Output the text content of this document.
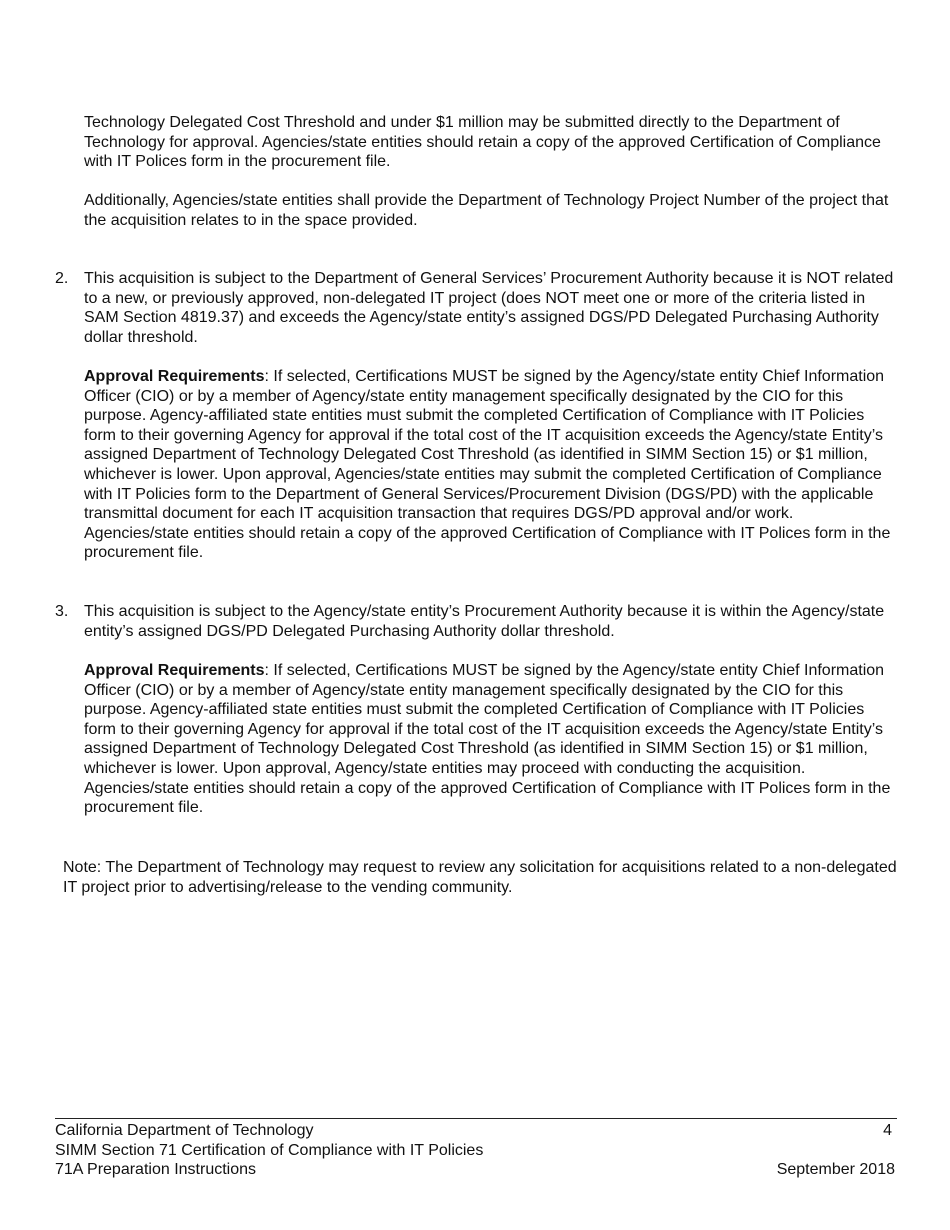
Technology Delegated Cost Threshold and under $1 million may be submitted directly to the Department of Technology for approval. Agencies/state entities should retain a copy of the approved Certification of Compliance with IT Polices form in the procurement file.

Additionally, Agencies/state entities shall provide the Department of Technology Project Number of the project that the acquisition relates to in the space provided.

2. This acquisition is subject to the Department of General Services’ Procurement Authority because it is NOT related to a new, or previously approved, non-delegated IT project (does NOT meet one or more of the criteria listed in SAM Section 4819.37) and exceeds the Agency/state entity’s assigned DGS/PD Delegated Purchasing Authority dollar threshold.

Approval Requirements: If selected, Certifications MUST be signed by the Agency/state entity Chief Information Officer (CIO) or by a member of Agency/state entity management specifically designated by the CIO for this purpose. Agency-affiliated state entities must submit the completed Certification of Compliance with IT Policies form to their governing Agency for approval if the total cost of the IT acquisition exceeds the Agency/state Entity’s assigned Department of Technology Delegated Cost Threshold (as identified in SIMM Section 15) or $1 million, whichever is lower. Upon approval, Agencies/state entities may submit the completed Certification of Compliance with IT Policies form to the Department of General Services/Procurement Division (DGS/PD) with the applicable transmittal document for each IT acquisition transaction that requires DGS/PD approval and/or work. Agencies/state entities should retain a copy of the approved Certification of Compliance with IT Polices form in the procurement file.

3. This acquisition is subject to the Agency/state entity’s Procurement Authority because it is within the Agency/state entity’s assigned DGS/PD Delegated Purchasing Authority dollar threshold.

Approval Requirements: If selected, Certifications MUST be signed by the Agency/state entity Chief Information Officer (CIO) or by a member of Agency/state entity management specifically designated by the CIO for this purpose. Agency-affiliated state entities must submit the completed Certification of Compliance with IT Policies form to their governing Agency for approval if the total cost of the IT acquisition exceeds the Agency/state Entity’s assigned Department of Technology Delegated Cost Threshold (as identified in SIMM Section 15) or $1 million, whichever is lower. Upon approval, Agency/state entities may proceed with conducting the acquisition. Agencies/state entities should retain a copy of the approved Certification of Compliance with IT Polices form in the procurement file.

Note: The Department of Technology may request to review any solicitation for acquisitions related to a non-delegated IT project prior to advertising/release to the vending community.

California Department of Technology	4
SIMM Section 71 Certification of Compliance with IT Policies
71A Preparation Instructions	September 2018
